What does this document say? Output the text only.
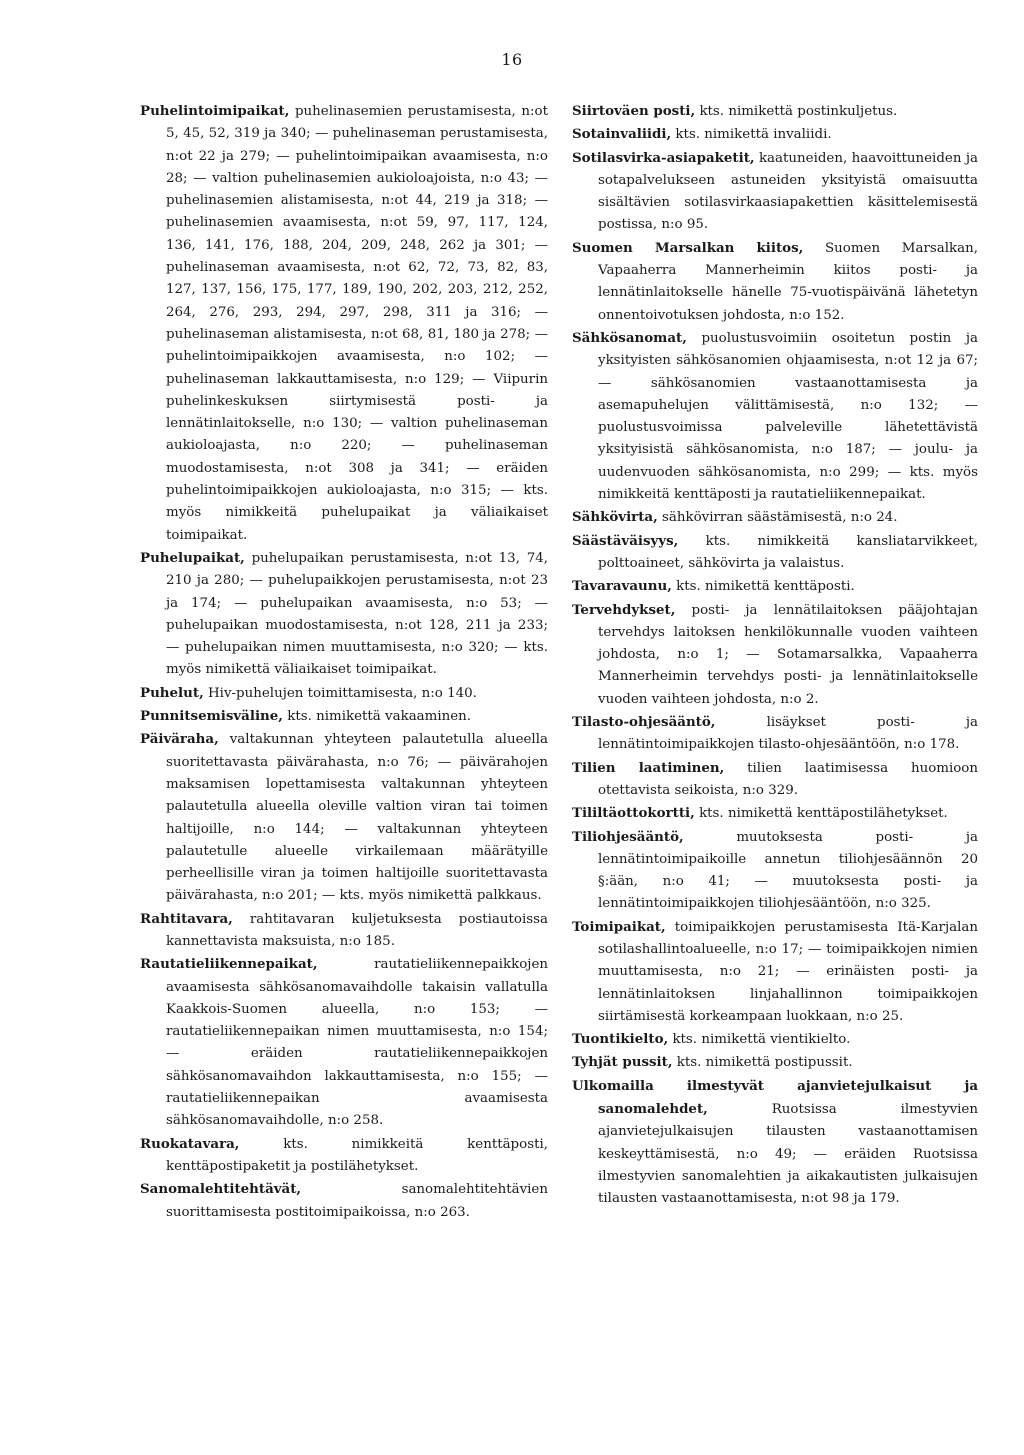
16

Puhelintoimipaikat, puhelinasemien perustamisesta, n:ot 5, 45, 52, 319 ja 340; — puhelinaseman perustamisesta, n:ot 22 ja 279; — puhelintoimipaikan avaamisesta, n:o 28; — valtion puhelinasemien aukioloajoista, n:o 43; — puhelinasemien alistamisesta, n:ot 44, 219 ja 318; — puhelinasemien avaamisesta, n:ot 59, 97, 117, 124, 136, 141, 176, 188, 204, 209, 248, 262 ja 301; — puhelinaseman avaamisesta, n:ot 62, 72, 73, 82, 83, 127, 137, 156, 175, 177, 189, 190, 202, 203, 212, 252, 264, 276, 293, 294, 297, 298, 311 ja 316; — puhelinaseman alistamisesta, n:ot 68, 81, 180 ja 278; — puhelintoimipaikkojen avaamisesta, n:o 102; — puhelinaseman lakkauttamisesta, n:o 129; — Viipurin puhelinkeskuksen siirtymisestä posti- ja lennätinlaitokselle, n:o 130; — valtion puhelinaseman aukioloajasta, n:o 220; — puhelinaseman muodostamisesta, n:ot 308 ja 341; — eräiden puhelintoimipaikkojen aukioloajasta, n:o 315; — kts. myös nimikkeitä puhelupaikat ja väliaikaiset toimipaikat.

Puhelupaikat, puhelupaikan perustamisesta, n:ot 13, 74, 210 ja 280; — puhelupaikkojen perustamisesta, n:ot 23 ja 174; — puhelupaikan avaamisesta, n:o 53; — puhelupaikan muodostamisesta, n:ot 128, 211 ja 233; — puhelupaikan nimen muuttamisesta, n:o 320; — kts. myös nimikettä väliaikaiset toimipaikat.

Puhelut, Hiv-puhelujen toimittamisesta, n:o 140.

Punnitsemisväline, kts. nimikettä vakaaminen.

Päiväraha, valtakunnan yhteyteen palautetulla alueella suoritettavasta päivärahasta, n:o 76; — päivärahojen maksamisen lopettamisesta valtakunnan yhteyteen palautetulla alueella oleville valtion viran tai toimen haltijoille, n:o 144; — valtakunnan yhteyteen palautetulle alueelle virkailemaan määrätyille perheellisille viran ja toimen haltijoille suoritettavasta päivärahasta, n:o 201; — kts. myös nimikettä palkkaus.

Rahtitavara, rahtitavaran kuljetuksesta postiautoissa kannettavista maksuista, n:o 185.

Rautatieliikennepaikat,	rautatieliikennepaikkojen avaamisesta sähkösanomavaihdolle takaisin vallatulla Kaakkois-Suomen alueella, n:o 153; — rautatieliikennepaikan nimen muuttamisesta, n:o 154; — eräiden rautatieliikennepaikkojen sähkösanomavaihdon lakkauttamisesta, n:o 155; — rautatieliikennepaikan avaamisesta sähkösanomavaihdolle, n:o 258.

Ruokatavara,	kts. nimikkeitä kenttäposti, kenttäpostipaketit ja postilähetykset.

Sanomalehtitehtävät,	sanomalehtitehtävien suorittamisesta postitoimipaikoissa, n:o 263.

Siirtoväen posti, kts. nimikettä postinkuljetus.

Sotainvaliidi, kts. nimikettä invaliidi.

Sotilasvirka-asiapaketit, kaatuneiden, haavoittuneiden ja sotapalvelukseen astuneiden yksityistä omaisuutta sisältävien sotilasvirkaasiapakettien käsittelemisestä postissa, n:o 95.

Suomen Marsalkan kiitos, Suomen Marsalkan, Vapaaherra Mannerheimin kiitos posti- ja lennätinlaitokselle hänelle 75-vuotispäivänä lähetetyn onnentoivotuksen johdosta, n:o 152.

Sähkösanomat, puolustusvoimiin osoitetun postin ja yksityisten sähkösanomien ohjaamisesta, n:ot 12 ja 67; — sähkösanomien vastaanottamisesta ja asemapuhelujen välittämisestä, n:o 132; — puolustusvoimissa palveleville lähetettävistä yksityisistä sähkösanomista, n:o 187; — joulu- ja uudenvuoden sähkösanomista, n:o 299; — kts. myös nimikkeitä kenttäposti ja rautatieliikennepaikat.

Sähkövirta, sähkövirran säästämisestä, n:o 24.

Säästäväisyys, kts. nimikkeitä kansliatarvikkeet, polttoaineet, sähkövirta ja valaistus.

Tavaravaunu, kts. nimikettä kenttäposti.

Tervehdykset, posti- ja lennätilaitoksen pääjohtajan tervehdys laitoksen henkilökunnalle vuoden vaihteen johdosta, n:o 1; — Sotamarsalkka, Vapaaherra Mannerheimin tervehdys posti- ja lennätinlaitokselle vuoden vaihteen johdosta, n:o 2.

Tilasto-ohjesääntö,	lisäykset posti- ja lennätintoimipaikkojen tilasto-ohjesääntöön, n:o 178.

Tilien laatiminen, tilien laatimisessa huomioon otettavista seikoista, n:o 329.

Tililtäottokortti, kts. nimikettä kenttäpostilähetykset.

Tiliohjesääntö,	muutoksesta posti- ja lennätintoimipaikoille annetun tiliohjesäännön 20 §:ään, n:o 41; — muutoksesta posti- ja lennätintoimipaikkojen tiliohjesääntöön, n:o 325.

Toimipaikat, toimipaikkojen perustamisesta Itä-Karjalan sotilashallintoalueelle, n:o 17; — toimipaikkojen nimien muuttamisesta, n:o 21; — erinäisten posti- ja lennätinlaitoksen linjahallinnon toimipaikkojen siirtämisestä korkeampaan luokkaan, n:o 25.

Tuontikielto, kts. nimikettä vientikielto.

Tyhjät pussit, kts. nimikettä postipussit.

Ulkomailla ilmestyvät ajanvietejulkaisut ja sanomalehdet,	Ruotsissa ilmestyvien ajanvietejulkaisujen tilausten vastaanottamisen keskeyttämisestä, n:o 49; — eräiden Ruotsissa ilmestyvien sanomalehtien ja aikakautisten julkaisujen tilausten vastaanottamisesta, n:ot 98 ja 179.
